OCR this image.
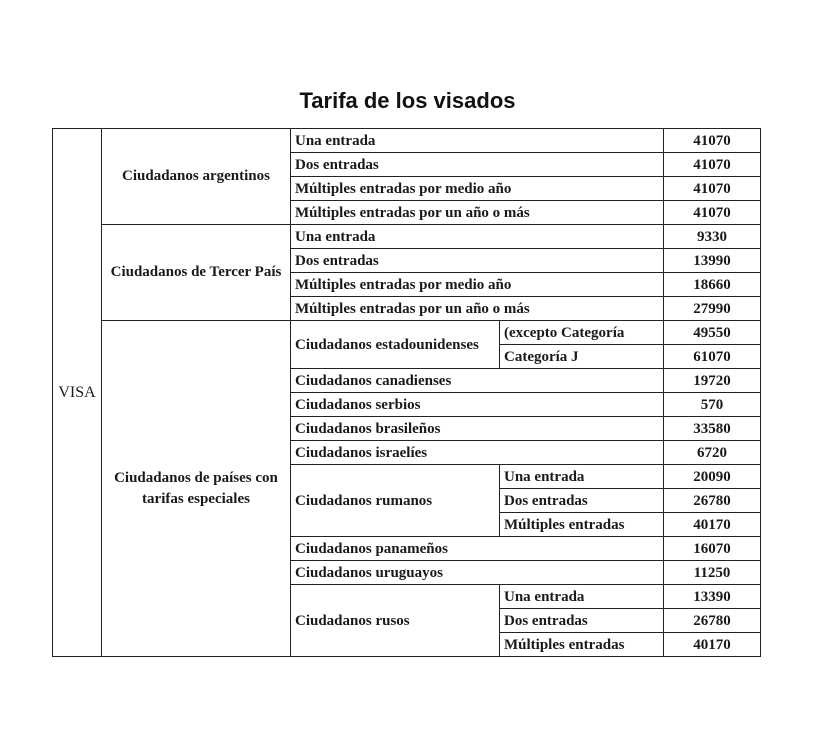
Tarifa de los visados
VISA	Ciudadanos argentinos	Una entrada		41070
		Dos entradas		41070
		Múltiples entradas por medio año		41070
		Múltiples entradas por un año o más		41070
	Ciudadanos de Tercer País	Una entrada		9330
		Dos entradas		13990
		Múltiples entradas por medio año		18660
		Múltiples entradas por un año o más		27990
	Ciudadanos de países con tarifas especiales	Ciudadanos estadounidenses	(excepto Categoría	49550
			Categoría J	61070
		Ciudadanos canadienses		19720
		Ciudadanos serbios		570
		Ciudadanos brasileños		33580
		Ciudadanos israelíes		6720
		Ciudadanos rumanos	Una entrada	20090
			Dos entradas	26780
			Múltiples entradas	40170
		Ciudadanos panameños		16070
		Ciudadanos uruguayos		11250
		Ciudadanos rusos	Una entrada	13390
			Dos entradas	26780
			Múltiples entradas	40170
